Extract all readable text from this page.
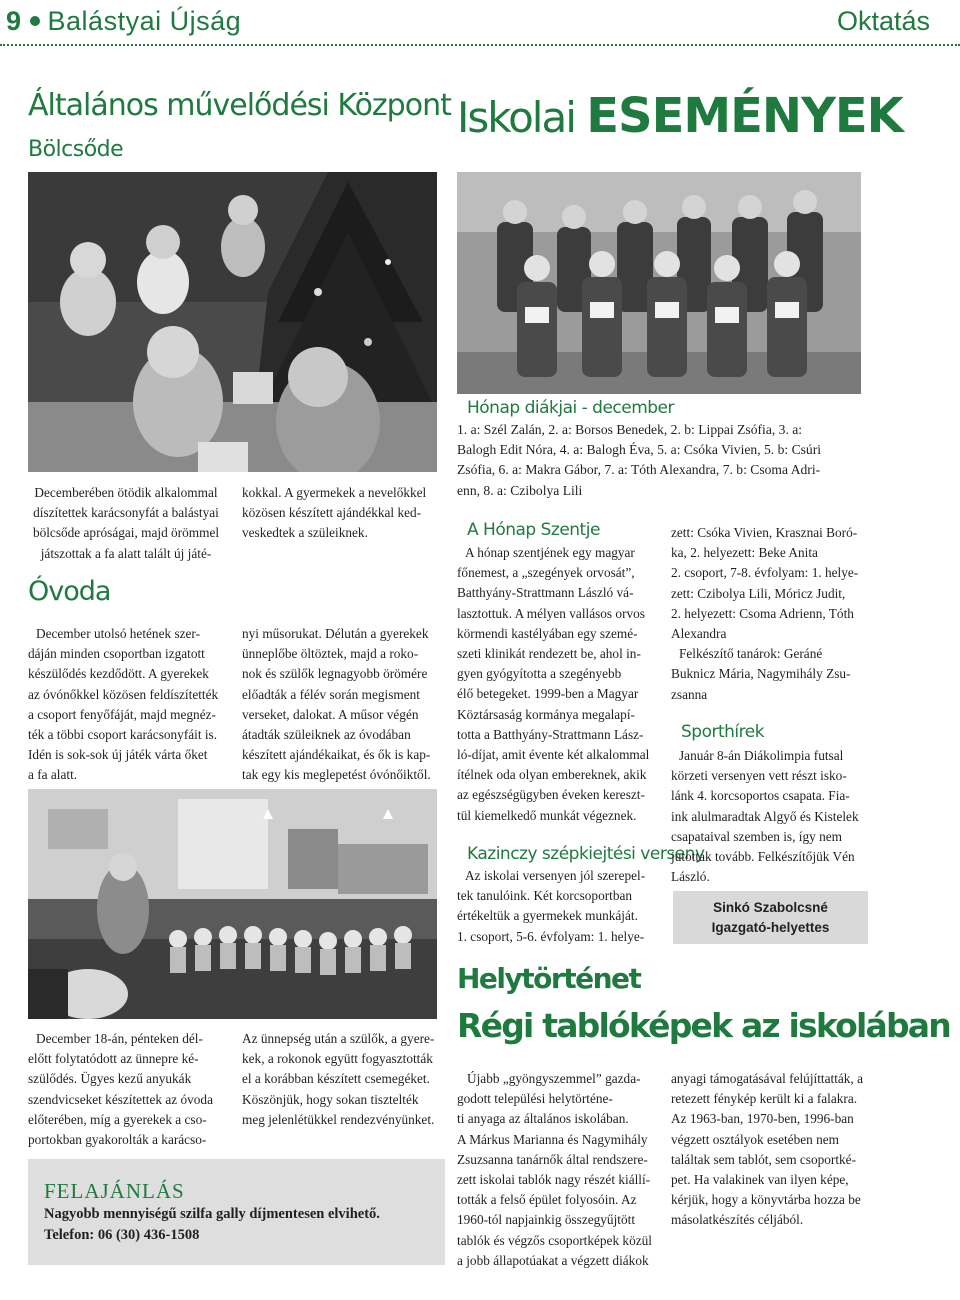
9 Balástyai Újság	Oktatás
Általános művelődési Központ
Bölcsőde
Iskolai ESEMÉNYEK
Decemberében ötödik alkalommal
díszítettek karácsonyfát a balástyai
bölcsőde apróságai, majd örömmel
játszottak a fa alatt talált új játé-
kokkal. A gyermekek a nevelőkkel
közösen készített ajándékkal ked-
veskedtek a szüleiknek.
Óvoda
December utolsó hetének szer-
dáján minden csoportban izgatott
készülődés kezdődött. A gyerekek
az óvónőkkel közösen feldíszítették
a csoport fenyőfáját, majd megnéz-
ték a többi csoport karácsonyfáit is.
Idén is sok-sok új játék várta őket
a fa alatt.
nyi műsorukat. Délután a gyerekek
ünneplőbe öltöztek, majd a roko-
nok és szülők legnagyobb örömére
előadták a félév során megisment
verseket, dalokat. A műsor végén
átadták szüleiknek az óvodában
készített ajándékaikat, és ők is kap-
tak egy kis meglepetést óvónőiktől.
December 18-án, pénteken dél-
előtt folytatódott az ünnepre ké-
szülődés. Ügyes kezű anyukák
szendvicseket készítettek az óvoda
előterében, míg a gyerekek a cso-
portokban gyakorolták a karácso-
Az ünnepség után a szülők, a gyere-
kek, a rokonok együtt fogyasztották
el a korábban készített csemegéket.
Köszönjük, hogy sokan tisztelték
meg jelenlétükkel rendezvényünket.
FELAJÁNLÁS
Nagyobb mennyiségű szilfa gally díjmentesen elvihető.
Telefon: 06 (30) 436-1508
Hónap diákjai - december
1. a: Szél Zalán, 2. a: Borsos Benedek, 2. b: Lippai Zsófia, 3. a:
Balogh Edit Nóra, 4. a: Balogh Éva, 5. a: Csóka Vivien, 5. b: Csúri
Zsófia, 6. a: Makra Gábor, 7. a: Tóth Alexandra, 7. b: Csoma Adri-
enn, 8. a: Czibolya Lili
A Hónap Szentje
A hónap szentjének egy magyar
főnemest, a „szegények orvosát”,
Batthyány-Strattmann László vá-
lasztottuk. A mélyen vallásos orvos
körmendi kastélyában egy szemé-
szeti klinikát rendezett be, ahol in-
gyen gyógyította a szegényebb
élő betegeket. 1999-ben a Magyar
Köztársaság kormánya megalapí-
totta a Batthyány-Strattmann Lász-
ló-díjat, amit évente két alkalommal
ítélnek oda olyan embereknek, akik
az egészségügyben éveken kereszt-
tül kiemelkedő munkát végeznek.
Kazinczy szépkiejtési verseny
Az iskolai versenyen jól szerepel-
tek tanulóink. Két korcsoportban
értékeltük a gyermekek munkáját.
1. csoport, 5-6. évfolyam: 1. helye-
zett: Csóka Vivien, Krasznai Boró-
ka, 2. helyezett: Beke Anita
2. csoport, 7-8. évfolyam: 1. helye-
zett: Czibolya Lili, Móricz Judit,
2. helyezett: Csoma Adrienn, Tóth
Alexandra
Felkészítő tanárok: Geráné
Buknicz Mária, Nagymihály Zsu-
zsanna
Sporthírek
Január 8-án Diákolimpia futsal
körzeti versenyen vett részt isko-
lánk 4. korcsoportos csapata. Fia-
ink alulmaradtak Algyő és Kistelek
csapataival szemben is, így nem
jutottak tovább. Felkészítőjük Vén
László.
Sinkó Szabolcsné
Igazgató-helyettes
Helytörténet
Régi tablóképek az iskolában
Újabb „gyöngyszemmel” gazda-
godott települési helytörténe-
ti anyaga az általános iskolában.
A Márkus Marianna és Nagymihály
Zsuzsanna tanárnők által rendszere-
zett iskolai tablók nagy részét kiállí-
tották a felső épület folyosóin. Az
1960-tól napjainkig összegyűjtött
tablók és végzős csoportképek közül
a jobb állapotúakat a végzett diákok
anyagi támogatásával felújíttatták, a
retezett fénykép került ki a falakra.
Az 1963-ban, 1970-ben, 1996-ban
végzett osztályok esetében nem
találtak sem tablót, sem csoportké-
pet. Ha valakinek van ilyen képe,
kérjük, hogy a könyvtárba hozza be
másolatkészítés céljából.
